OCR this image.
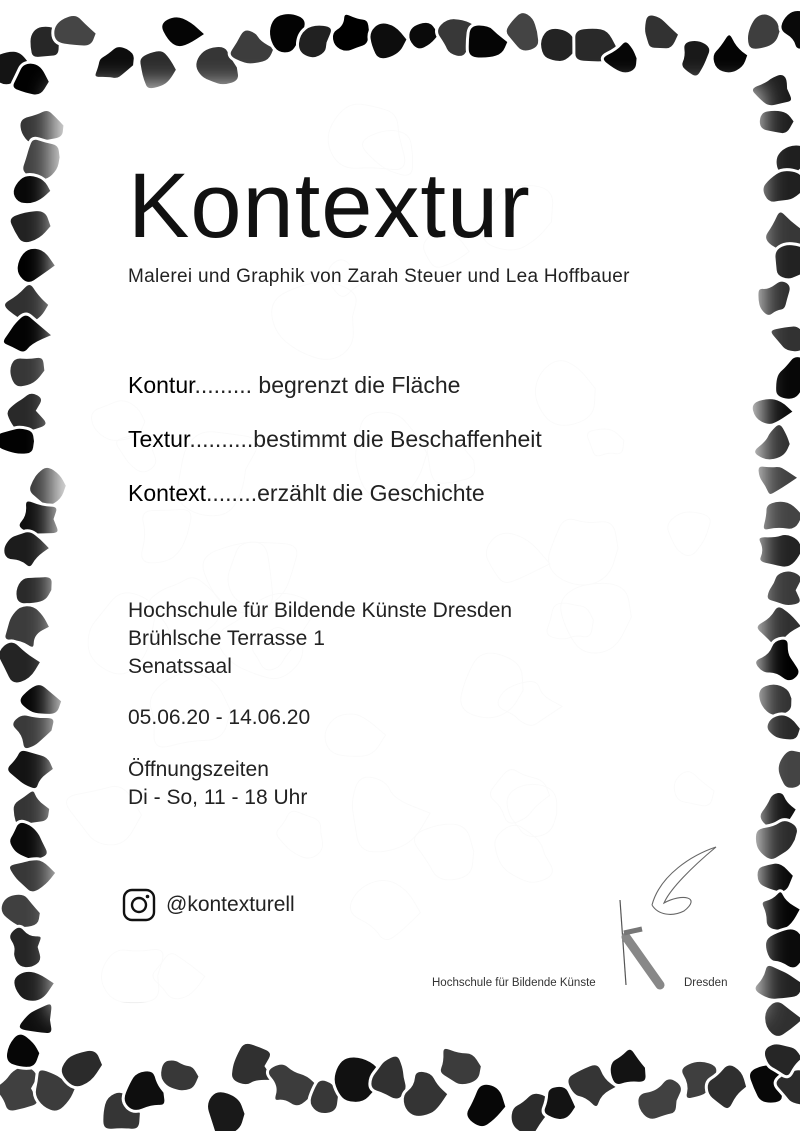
Kontextur
Malerei und Graphik von Zarah Steuer und Lea Hoffbauer
Kontur......... begrenzt die Fläche
Textur..........bestimmt die Beschaffenheit
Kontext........erzählt die Geschichte
Hochschule für Bildende Künste Dresden
Brühlsche Terrasse 1
Senatssaal
05.06.20 - 14.06.20
Öffnungszeiten
Di - So, 11 - 18 Uhr
@kontexturell
Hochschule für Bildende Künste	Dresden
